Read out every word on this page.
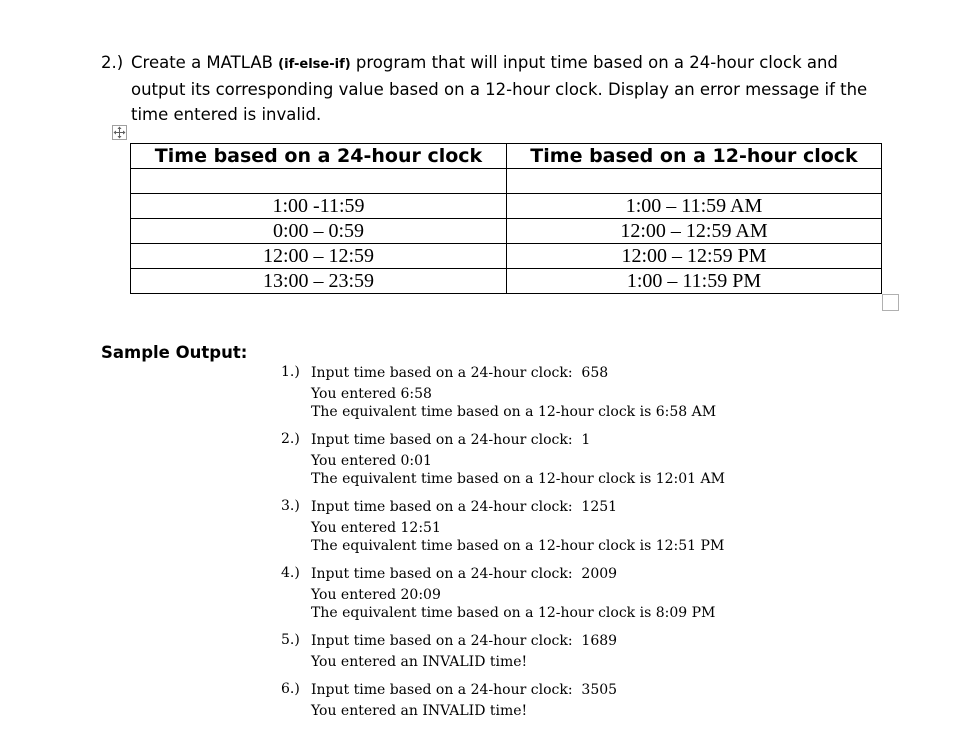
2.) Create a MATLAB (if-else-if) program that will input time based on a 24-hour clock and output its corresponding value based on a 12-hour clock. Display an error message if the time entered is invalid.
Time based on a 24-hour clock	Time based on a 12-hour clock

1:00 -11:59	1:00 – 11:59 AM
0:00 – 0:59	12:00 – 12:59 AM
12:00 – 12:59	12:00 – 12:59 PM
13:00 – 23:59	1:00 – 11:59 PM
Sample Output:
1.) Input time based on a 24-hour clock:  658
You entered 6:58
The equivalent time based on a 12-hour clock is 6:58 AM
2.) Input time based on a 24-hour clock:  1
You entered 0:01
The equivalent time based on a 12-hour clock is 12:01 AM
3.) Input time based on a 24-hour clock:  1251
You entered 12:51
The equivalent time based on a 12-hour clock is 12:51 PM
4.) Input time based on a 24-hour clock:  2009
You entered 20:09
The equivalent time based on a 12-hour clock is 8:09 PM
5.) Input time based on a 24-hour clock:  1689
You entered an INVALID time!
6.) Input time based on a 24-hour clock:  3505
You entered an INVALID time!
